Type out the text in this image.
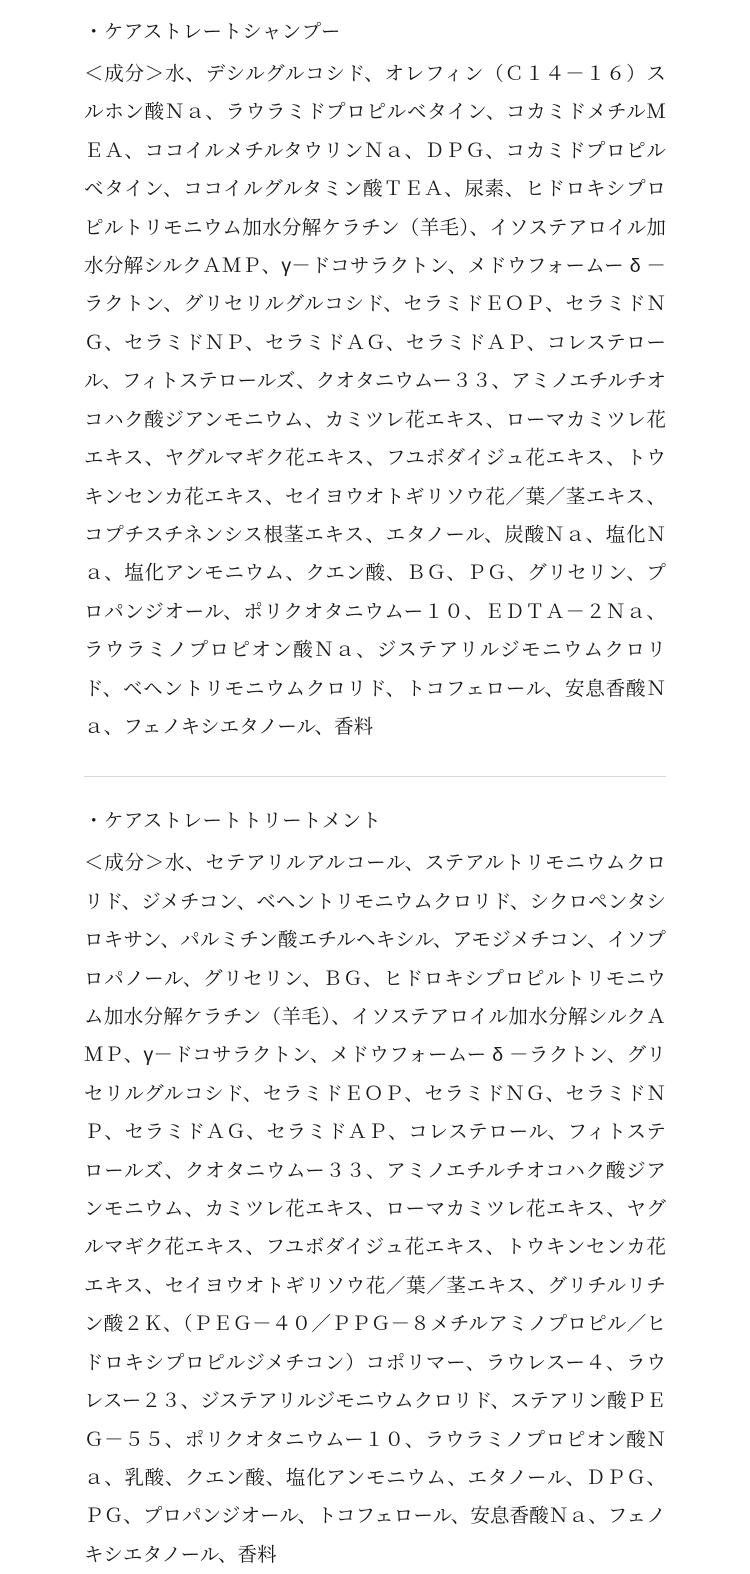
・ケアストレートシャンプー

＜成分＞水、デシルグルコシド、オレフィン（Ｃ１４－１６）スルホン酸Ｎａ、ラウラミドプロピルベタイン、コカミドメチルＭＥＡ、ココイルメチルタウリンＮａ、ＤＰＧ、コカミドプロピルベタイン、ココイルグルタミン酸ＴＥＡ、尿素、ヒドロキシプロピルトリモニウム加水分解ケラチン（羊毛）、イソステアロイル加水分解シルクＡＭＰ、γ－ドコサラクトン、メドウフォームー δ －ラクトン、グリセリルグルコシド、セラミドＥＯＰ、セラミドＮＧ、セラミドＮＰ、セラミドＡＧ、セラミドＡＰ、コレステロール、フィトステロールズ、クオタニウムー３３、アミノエチルチオコハク酸ジアンモニウム、カミツレ花エキス、ローマカミツレ花エキス、ヤグルマギク花エキス、フユボダイジュ花エキス、トウキンセンカ花エキス、セイヨウオトギリソウ花／葉／茎エキス、コプチスチネンシス根茎エキス、エタノール、炭酸Ｎａ、塩化Ｎａ、塩化アンモニウム、クエン酸、ＢＧ、ＰＧ、グリセリン、プロパンジオール、ポリクオタニウムー１０、ＥＤＴＡ－２Ｎａ、ラウラミノプロピオン酸Ｎａ、ジステアリルジモニウムクロリド、ベヘントリモニウムクロリド、トコフェロール、安息香酸Ｎａ、フェノキシエタノール、香料

・ケアストレートトリートメント

＜成分＞水、セテアリルアルコール、ステアルトリモニウムクロリド、ジメチコン、ベヘントリモニウムクロリド、シクロペンタシロキサン、パルミチン酸エチルヘキシル、アモジメチコン、イソプロパノール、グリセリン、ＢＧ、ヒドロキシプロピルトリモニウム加水分解ケラチン（羊毛）、イソステアロイル加水分解シルクＡＭＰ、γ－ドコサラクトン、メドウフォームー δ －ラクトン、グリセリルグルコシド、セラミドＥＯＰ、セラミドＮＧ、セラミドＮＰ、セラミドＡＧ、セラミドＡＰ、コレステロール、フィトステロールズ、クオタニウムー３３、アミノエチルチオコハク酸ジアンモニウム、カミツレ花エキス、ローマカミツレ花エキス、ヤグルマギク花エキス、フユボダイジュ花エキス、トウキンセンカ花エキス、セイヨウオトギリソウ花／葉／茎エキス、グリチルリチン酸２Ｋ、（ＰＥＧ－４０／ＰＰＧ－８メチルアミノプロピル／ヒドロキシプロピルジメチコン）コポリマー、ラウレスー４、ラウレスー２３、ジステアリルジモニウムクロリド、ステアリン酸ＰＥＧ－５５、ポリクオタニウムー１０、ラウラミノプロピオン酸Ｎａ、乳酸、クエン酸、塩化アンモニウム、エタノール、ＤＰＧ、ＰＧ、プロパンジオール、トコフェロール、安息香酸Ｎａ、フェノキシエタノール、香料
